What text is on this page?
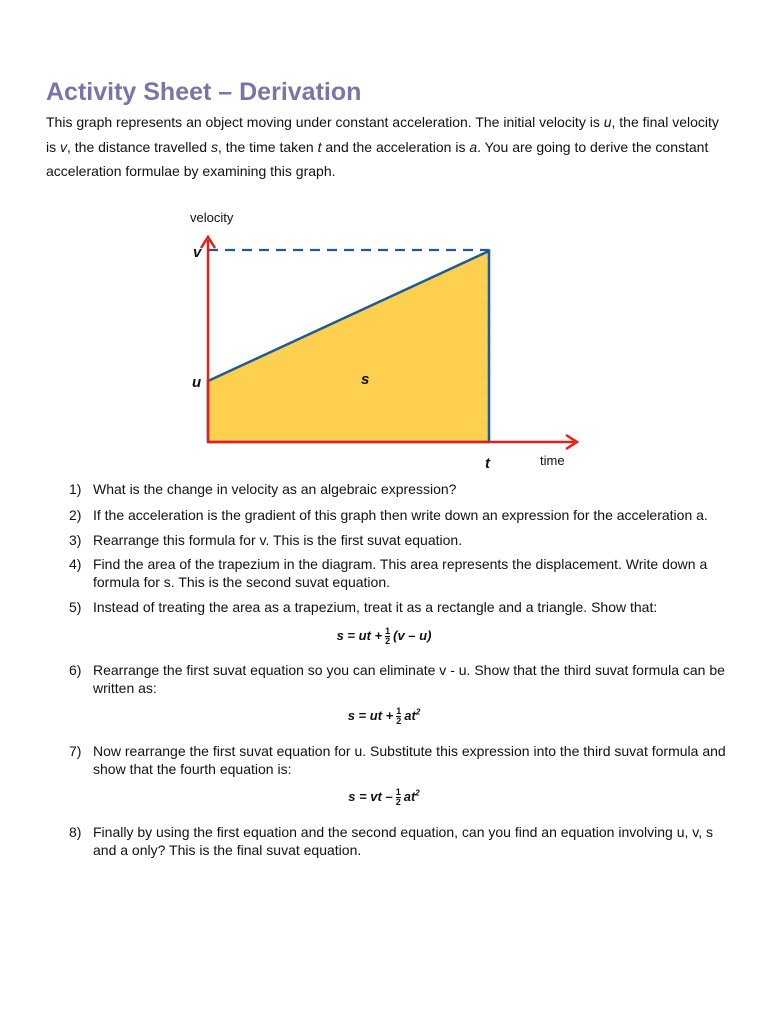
Activity Sheet – Derivation

This graph represents an object moving under constant acceleration. The initial velocity is u, the final velocity is v, the distance travelled s, the time taken t and the acceleration is a. You are going to derive the constant acceleration formulae by examining this graph.

velocity
time
v
u	s
t
1) What is the change in velocity as an algebraic expression?
2) If the acceleration is the gradient of this graph then write down an expression for the acceleration a.
3) Rearrange this formula for v. This is the first suvat equation.
4) Find the area of the trapezium in the diagram. This area represents the displacement. Write down a formula for s. This is the second suvat equation.
5) Instead of treating the area as a trapezium, treat it as a rectangle and a triangle. Show that:
6) Rearrange the first suvat equation so you can eliminate v - u. Show that the third suvat formula can be written as:
7) Now rearrange the first suvat equation for u. Substitute this expression into the third suvat formula and show that the fourth equation is:
8) Finally by using the first equation and the second equation, can you find an equation involving u, v, s and a only? This is the final suvat equation.
s = ut + $\frac{1}{2} (v - u)$
s = ut + $\frac{1}{2} at^2$
s = vt – $\frac{1}{2} at^2$
